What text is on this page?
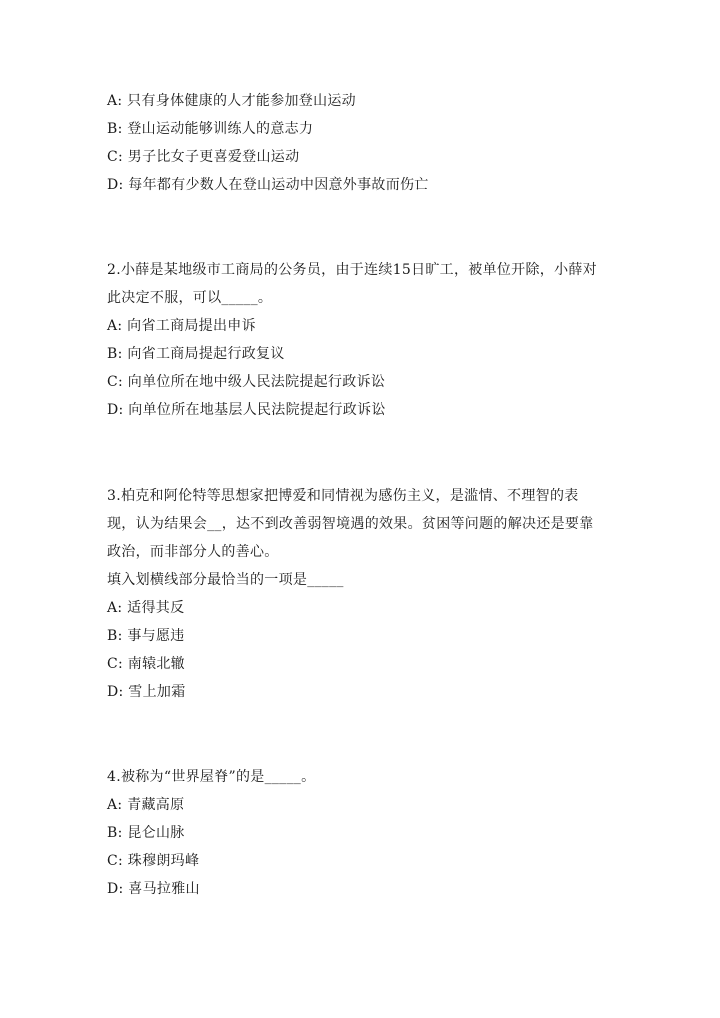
A: 只有身体健康的人才能参加登山运动
B: 登山运动能够训练人的意志力
C: 男子比女子更喜爱登山运动
D: 每年都有少数人在登山运动中因意外事故而伤亡
2.小薛是某地级市工商局的公务员，由于连续15日旷工，被单位开除，小薛对
此决定不服，可以_____。
A: 向省工商局提出申诉
B: 向省工商局提起行政复议
C: 向单位所在地中级人民法院提起行政诉讼
D: 向单位所在地基层人民法院提起行政诉讼
3.柏克和阿伦特等思想家把博爱和同情视为感伤主义，是滥情、不理智的表
现，认为结果会__，达不到改善弱智境遇的效果。贫困等问题的解决还是要靠
政治，而非部分人的善心。
填入划横线部分最恰当的一项是_____
A: 适得其反
B: 事与愿违
C: 南辕北辙
D: 雪上加霜
4.被称为“世界屋脊”的是_____。
A: 青藏高原
B: 昆仑山脉
C: 珠穆朗玛峰
D: 喜马拉雅山
